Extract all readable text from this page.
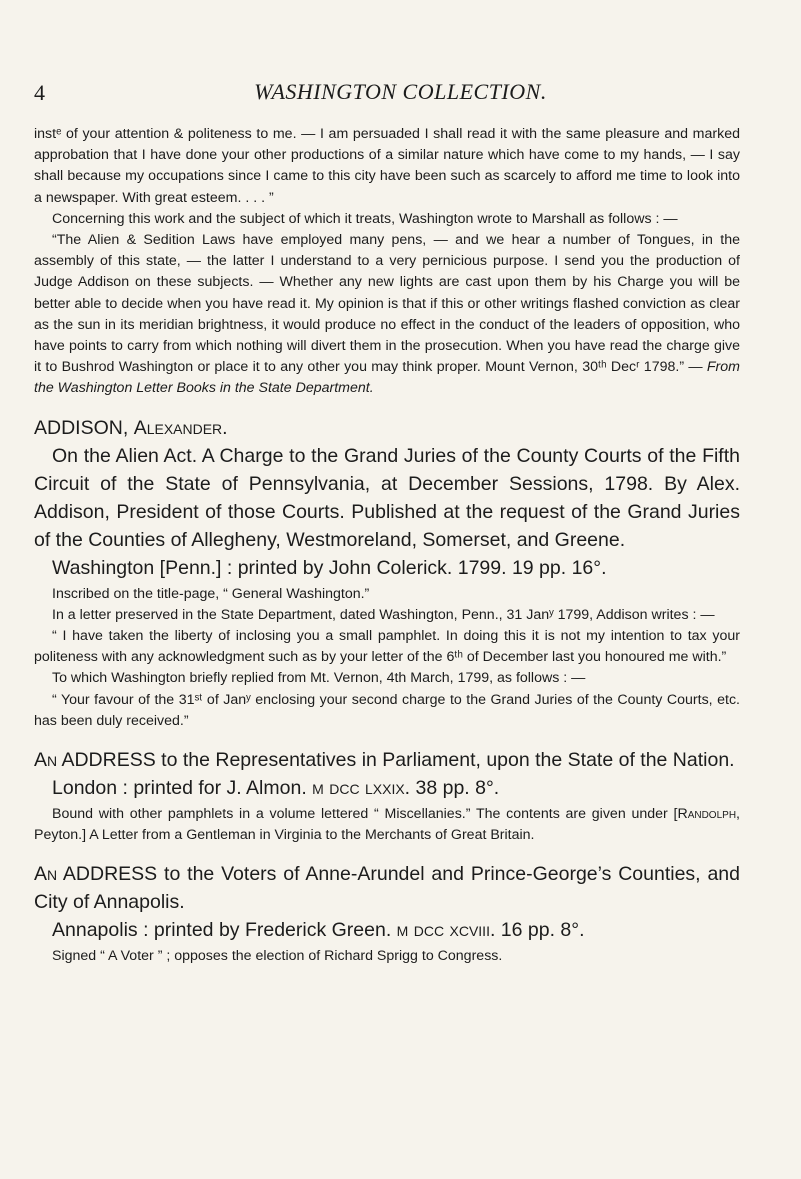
4	WASHINGTON COLLECTION.

instᵉ of your attention & politeness to me. — I am persuaded I shall read it with the same pleasure and marked approbation that I have done your other productions of a similar nature which have come to my hands, — I say shall because my occupations since I came to this city have been such as scarcely to afford me time to look into a newspaper. With great esteem. . . . ”

Concerning this work and the subject of which it treats, Washington wrote to Marshall as follows : —

“The Alien & Sedition Laws have employed many pens, — and we hear a number of Tongues, in the assembly of this state, — the latter I understand to a very pernicious purpose. I send you the production of Judge Addison on these subjects. — Whether any new lights are cast upon them by his Charge you will be better able to decide when you have read it. My opinion is that if this or other writings flashed conviction as clear as the sun in its meridian brightness, it would produce no effect in the conduct of the leaders of opposition, who have points to carry from which nothing will divert them in the prosecution. When you have read the charge give it to Bushrod Washington or place it to any other you may think proper. Mount Vernon, 30ᵗʰ Decʳ 1798.” — From the Washington Letter Books in the State Department.

ADDISON, Alexander.

On the Alien Act. A Charge to the Grand Juries of the County Courts of the Fifth Circuit of the State of Pennsylvania, at December Sessions, 1798. By Alex. Addison, President of those Courts. Published at the request of the Grand Juries of the Counties of Allegheny, Westmoreland, Somerset, and Greene.

Washington [Penn.] : printed by John Colerick. 1799. 19 pp. 16°.

Inscribed on the title-page, “ General Washington.”

In a letter preserved in the State Department, dated Washington, Penn., 31 Janʸ 1799, Addison writes : —

“ I have taken the liberty of inclosing you a small pamphlet. In doing this it is not my intention to tax your politeness with any acknowledgment such as by your letter of the 6ᵗʰ of December last you honoured me with.”

To which Washington briefly replied from Mt. Vernon, 4th March, 1799, as follows : —

“ Your favour of the 31ˢᵗ of Janʸ enclosing your second charge to the Grand Juries of the County Courts, etc. has been duly received.”

An ADDRESS to the Representatives in Parliament, upon the State of the Nation.

London : printed for J. Almon. m dcc lxxix. 38 pp. 8°.

Bound with other pamphlets in a volume lettered “ Miscellanies.” The contents are given under [Randolph, Peyton.] A Letter from a Gentleman in Virginia to the Merchants of Great Britain.

An ADDRESS to the Voters of Anne-Arundel and Prince-George’s Counties, and City of Annapolis.

Annapolis : printed by Frederick Green. m dcc xcviii. 16 pp. 8°.

Signed “ A Voter ” ; opposes the election of Richard Sprigg to Congress.
